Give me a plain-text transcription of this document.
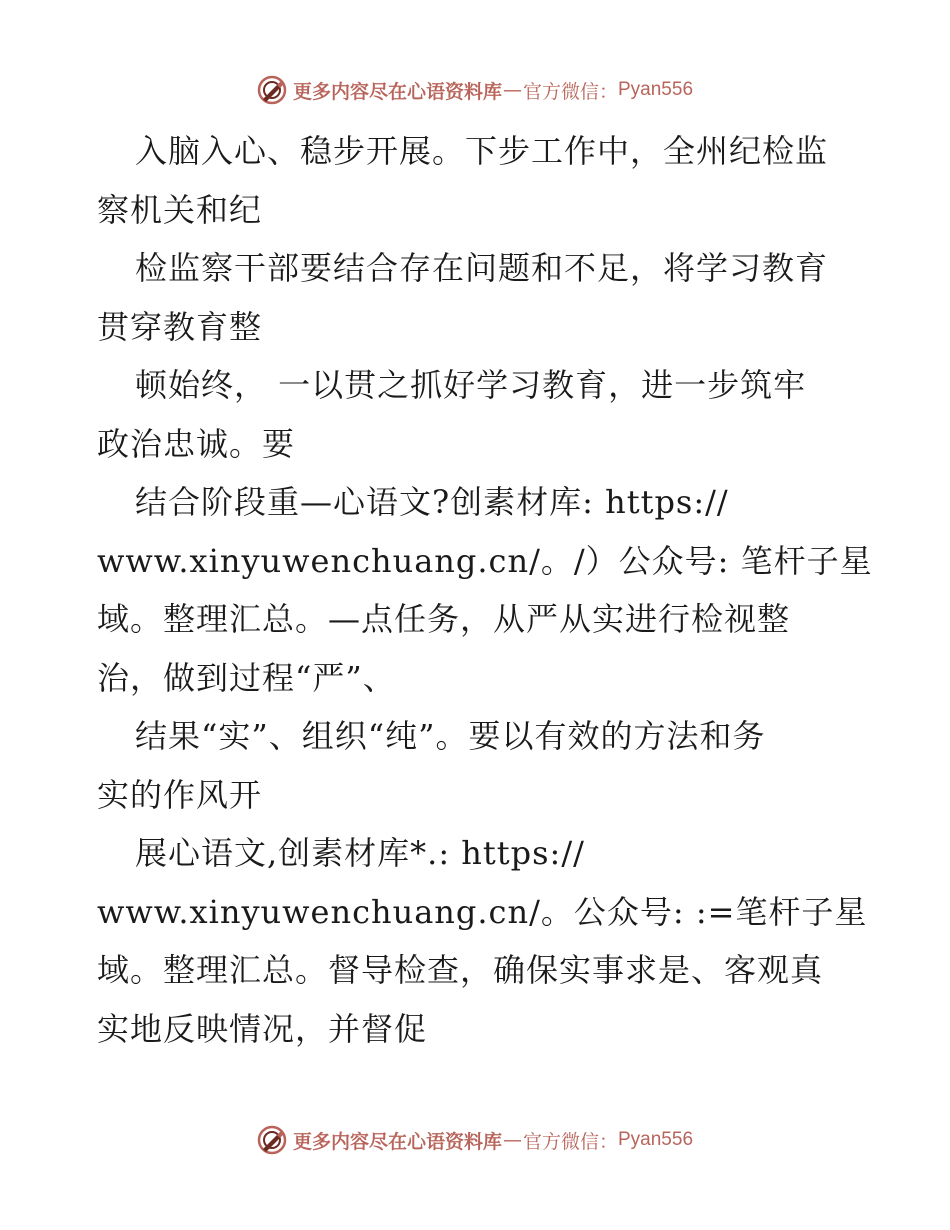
更多内容尽在心语资料库 — 官方微信： Pyan556
入脑入心、稳步开展。下步工作中，全州纪检监
察机关和纪
检监察干部要结合存在问题和不足，将学习教育
贯穿教育整
顿始终， 一以贯之抓好学习教育，进一步筑牢
政治忠诚。要
结合阶段重—心语文?创素材库: https://
www.xinyuwenchuang.cn/。/）公众号: 笔杆子星
域。整理汇总。—点任务，从严从实进行检视整
治，做到过程“严”、
结果“实”、组织“纯”。要以有效的方法和务
实的作风开
展心语文,创素材库*.: https://
www.xinyuwenchuang.cn/。公众号: :=笔杆子星
域。整理汇总。督导检查，确保实事求是、客观真
实地反映情况，并督促
更多内容尽在心语资料库 — 官方微信： Pyan556
